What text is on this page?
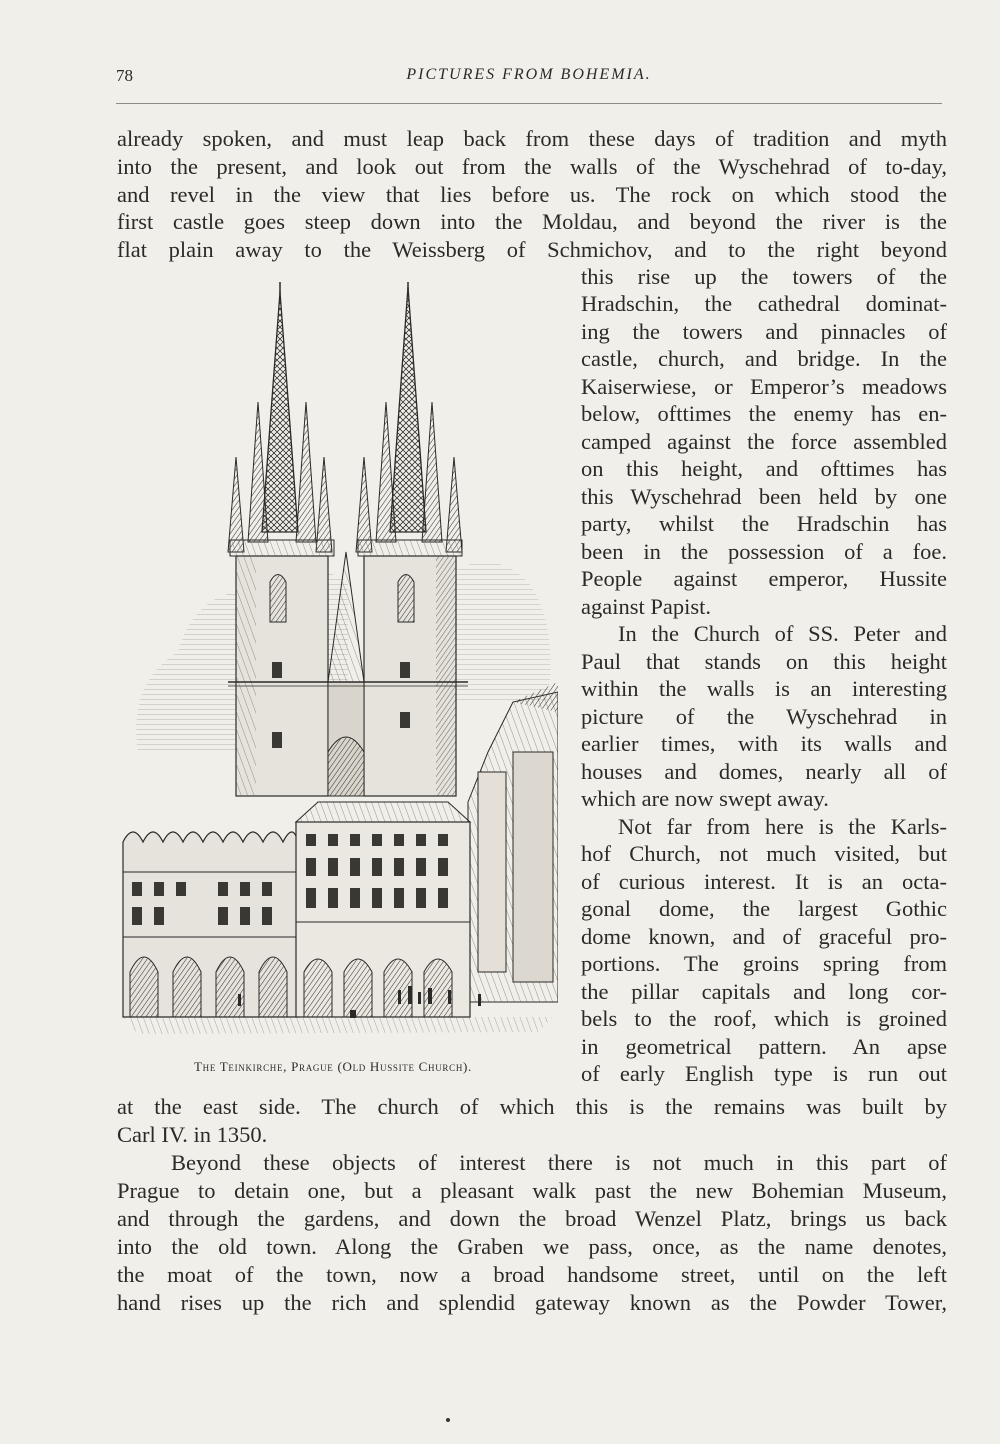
78	PICTURES FROM BOHEMIA.
already spoken, and must leap back from these days of tradition and myth
into the present, and look out from the walls of the Wyschehrad of to-day,
and revel in the view that lies before us. The rock on which stood the
first castle goes steep down into the Moldau, and beyond the river is the
flat plain away to the Weissberg of Schmichov, and to the right beyond
this rise up the towers of the
Hradschin, the cathedral dominat-
ing the towers and pinnacles of
castle, church, and bridge. In the
Kaiserwiese, or Emperor’s meadows
below, ofttimes the enemy has en-
camped against the force assembled
on this height, and ofttimes has
this Wyschehrad been held by one
party, whilst the Hradschin has
been in the possession of a foe.
People against emperor, Hussite
against Papist.
In the Church of SS. Peter and
Paul that stands on this height
within the walls is an interesting
picture of the Wyschehrad in
earlier times, with its walls and
houses and domes, nearly all of
which are now swept away.
Not far from here is the Karls-
hof Church, not much visited, but
of curious interest. It is an octa-
gonal dome, the largest Gothic
dome known, and of graceful pro-
portions. The groins spring from
the pillar capitals and long cor-
bels to the roof, which is groined
in geometrical pattern. An apse
of early English type is run out
at the east side. The church of which this is the remains was built by
Carl IV. in 1350.
Beyond these objects of interest there is not much in this part of
Prague to detain one, but a pleasant walk past the new Bohemian Museum,
and through the gardens, and down the broad Wenzel Platz, brings us back
into the old town. Along the Graben we pass, once, as the name denotes,
the moat of the town, now a broad handsome street, until on the left
hand rises up the rich and splendid gateway known as the Powder Tower,
The Teinkirche, Prague (Old Hussite Church).
